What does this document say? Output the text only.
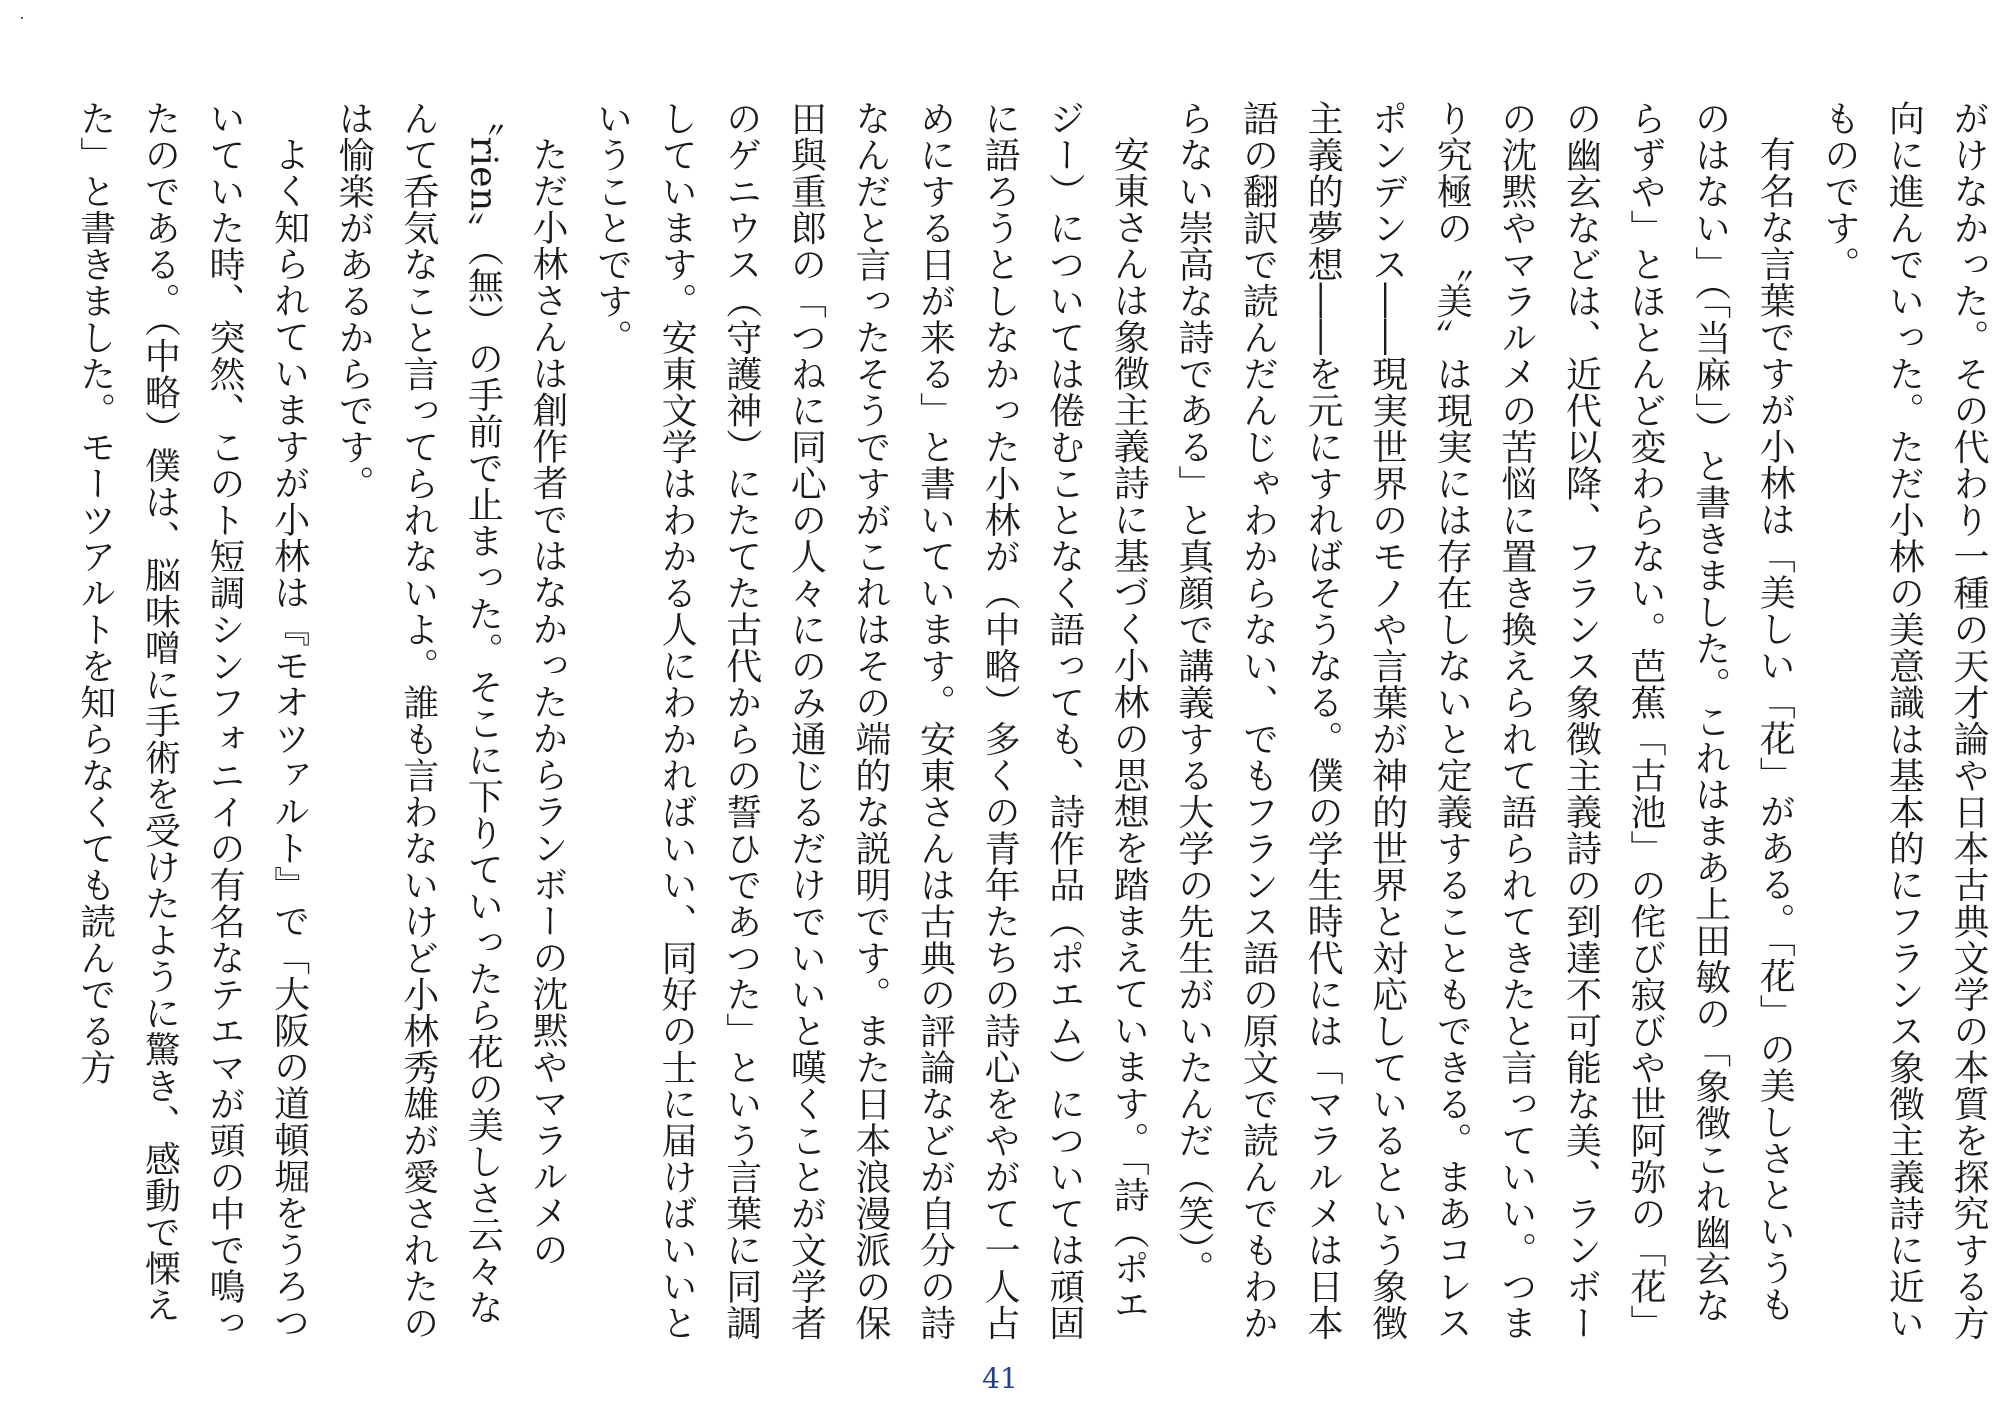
がけなかった。その代わり一種の天才論や日本古典文学の本質を探究する方向に進んでいった。ただ小林の美意識は基本的にフランス象徴主義詩に近いものです。

有名な言葉ですが小林は「美しい「花」がある。「花」の美しさというものはない」（「当麻」）と書きました。これはまあ上田敏の「象徴これ幽玄ならずや」とほとんど変わらない。芭蕉「古池」の侘び寂びや世阿弥の「花」の幽玄などは、近代以降、フランス象徴主義詩の到達不可能な美、ランボーの沈黙やマラルメの苦悩に置き換えられて語られてきたと言っていい。つまり究極の〝美〟は現実には存在しないと定義することもできる。まあコレスポンデンス――現実世界のモノや言葉が神的世界と対応しているという象徴主義的夢想――を元にすればそうなる。僕の学生時代には「マラルメは日本語の翻訳で読んだんじゃわからない、でもフランス語の原文で読んでもわからない崇高な詩である」と真顔で講義する大学の先生がいたんだ（笑）。

安東さんは象徴主義詩に基づく小林の思想を踏まえています。「詩（ポエジー）については倦むことなく語っても、詩作品（ポエム）については頑固に語ろうとしなかった小林が（中略）多くの青年たちの詩心をやがて一人占めにする日が来る」と書いています。安東さんは古典の評論などが自分の詩なんだと言ったそうですがこれはその端的な説明です。また日本浪漫派の保田與重郎の「つねに同心の人々にのみ通じるだけでいいと嘆くことが文学者のゲニウス（守護神）にたてた古代からの誓ひであつた」という言葉に同調しています。安東文学はわかる人にわかればいい、同好の士に届けばいいということです。

ただ小林さんは創作者ではなかったからランボーの沈黙やマラルメの〝rien〟（無）の手前で止まった。そこに下りていったら花の美しさ云々なんて呑気なこと言ってられないよ。誰も言わないけど小林秀雄が愛されたのは愉楽があるからです。

よく知られていますが小林は『モオツァルト』で「大阪の道頓堀をうろついていた時、突然、このト短調シンフォニイの有名なテエマが頭の中で鳴ったのである。（中略）僕は、脳味噌に手術を受けたように驚き、感動で慄えた」と書きました。モーツアルトを知らなくても読んでる方

41
